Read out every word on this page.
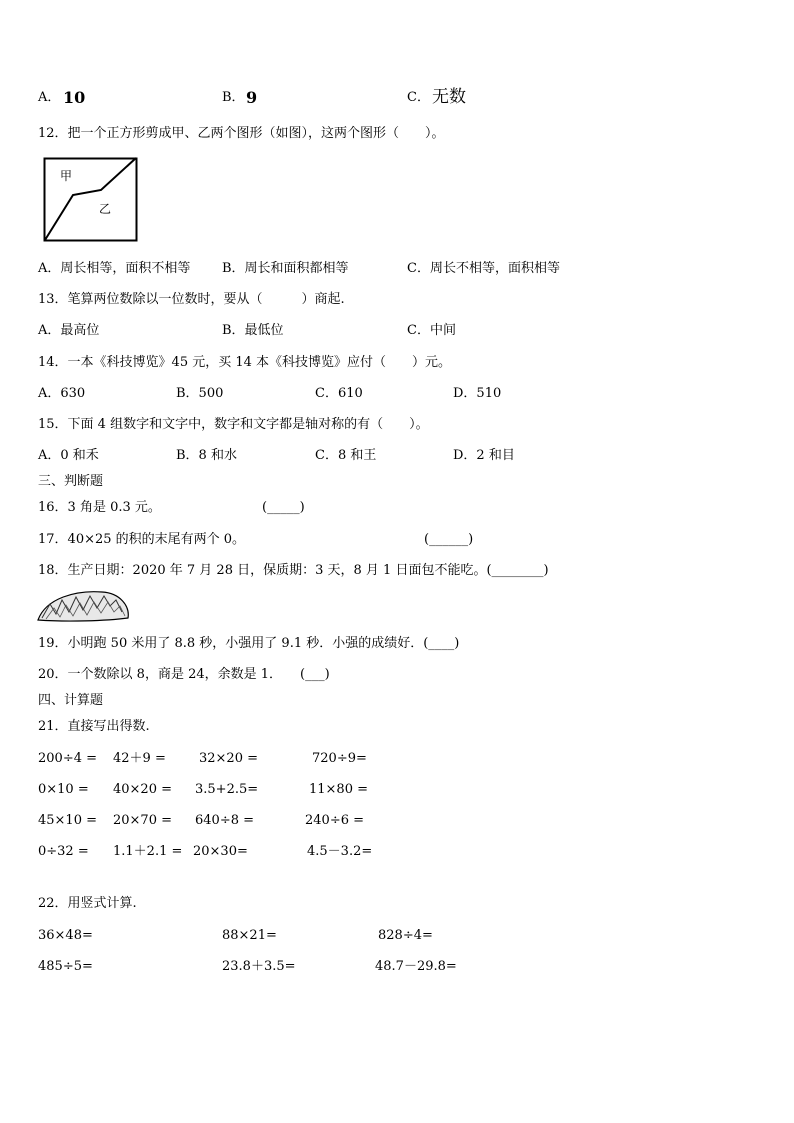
A． 10	B． 9	C． 无数
12．把一个正方形剪成甲、乙两个图形（如图），这两个图形（　　）。
甲
乙
A．周长相等，面积不相等 B．周长和面积都相等	C．周长不相等，面积相等
13．笔算两位数除以一位数时，要从（　　　）商起.
A．最高位	B．最低位	C．中间
14．一本《科技博览》45 元，买 14 本《科技博览》应付（　　）元。
A．630	B．500	C．610	D．510
15．下面 4 组数字和文字中，数字和文字都是轴对称的有（　　）。
A．0 和禾	B．8 和水	C．8 和王	D．2 和目
三、判断题
16．3 角是 0.3 元。	(_____)
17．40×25 的积的末尾有两个 0。	(______)
18．生产日期：2020 年 7 月 28 日，保质期：3 天，8 月 1 日面包不能吃。(________)
19．小明跑 50 米用了 8.8 秒，小强用了 9.1 秒．小强的成绩好．(____)
20．一个数除以 8，商是 24，余数是 1． (___)
四、计算题
21．直接写出得数.
200÷4 = 42＋9 =	32×20 =	720÷9=
0×10 = 40×20 = 3.5+2.5=	11×80 =
45×10 = 20×70 = 640÷8 =	240÷6 =
0÷32 = 1.1＋2.1 = 20×30=	4.5－3.2=
22．用竖式计算.
36×48=	88×21=	828÷4=
485÷5=	23.8＋3.5=	48.7－29.8=
